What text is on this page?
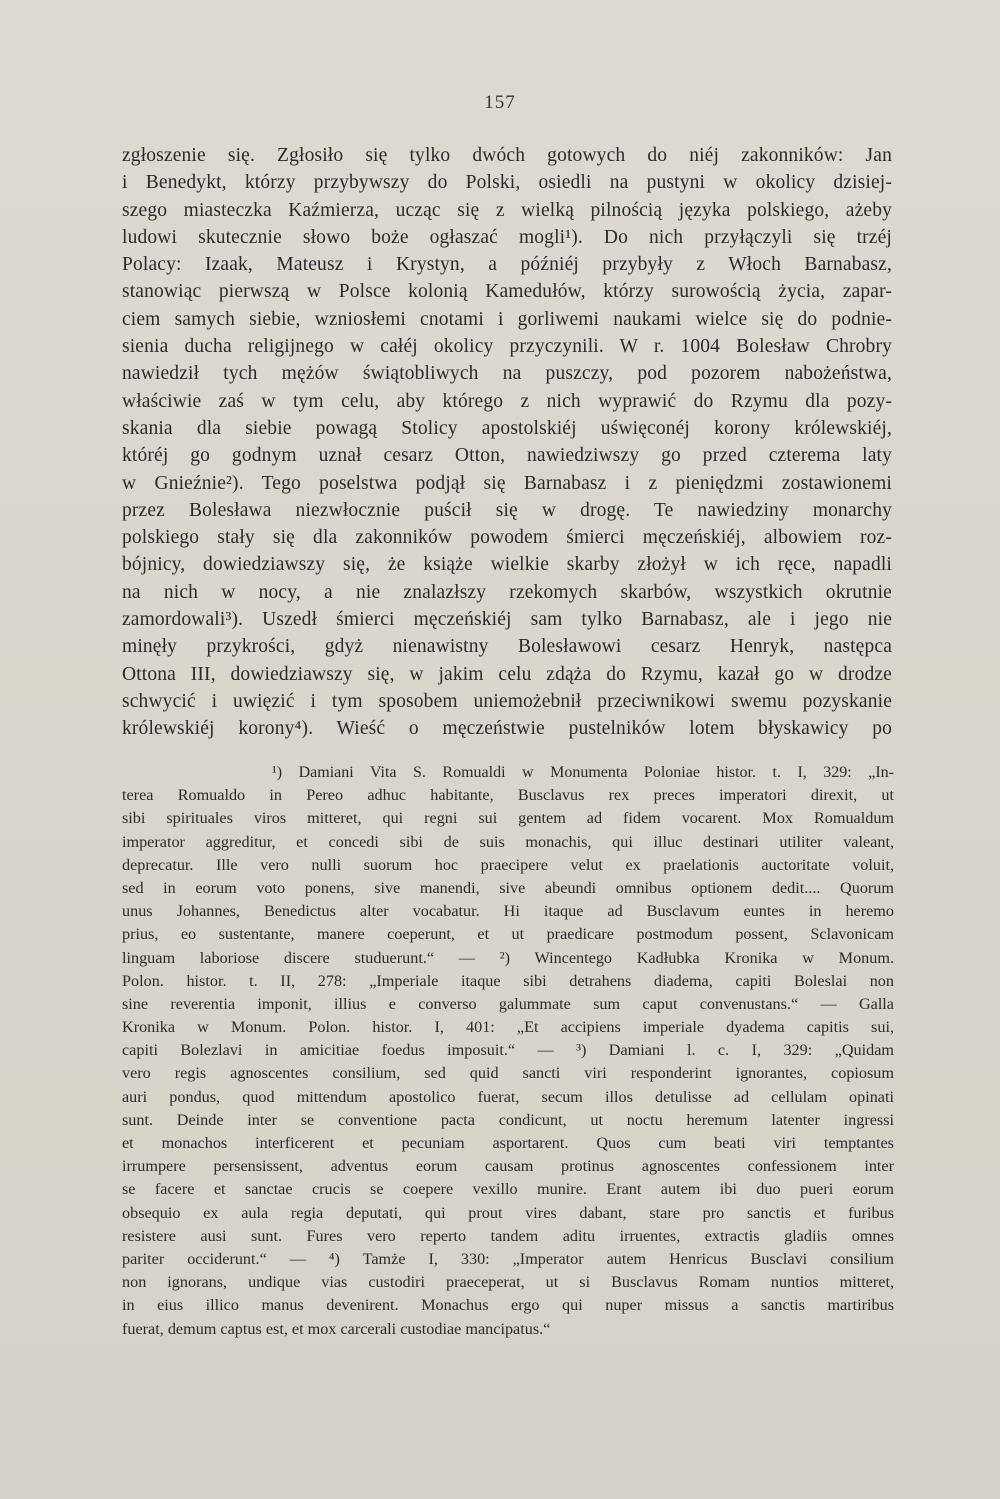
157
zgłoszenie się. Zgłosiło się tylko dwóch gotowych do niéj zakonników: Jan
i Benedykt, którzy przybywszy do Polski, osiedli na pustyni w okolicy dzisiej-
szego miasteczka Kaźmierza, ucząc się z wielką pilnością języka polskiego, ażeby
ludowi skutecznie słowo boże ogłaszać mogli¹). Do nich przyłączyli się trzéj
Polacy: Izaak, Mateusz i Krystyn, a późniéj przybyły z Włoch Barnabasz,
stanowiąc pierwszą w Polsce kolonią Kamedułów, którzy surowością życia, zapar-
ciem samych siebie, wzniosłemi cnotami i gorliwemi naukami wielce się do podnie-
sienia ducha religijnego w całéj okolicy przyczynili. W r. 1004 Bolesław Chrobry
nawiedził tych mężów świątobliwych na puszczy, pod pozorem nabożeństwa,
właściwie zaś w tym celu, aby którego z nich wyprawić do Rzymu dla pozy-
skania dla siebie powagą Stolicy apostolskiéj uświęconéj korony królewskiéj,
któréj go godnym uznał cesarz Otton, nawiedziwszy go przed czterema laty
w Gnieźnie²). Tego poselstwa podjął się Barnabasz i z pieniędzmi zostawionemi
przez Bolesława niezwłocznie puścił się w drogę. Te nawiedziny monarchy
polskiego stały się dla zakonników powodem śmierci męczeńskiéj, albowiem roz-
bójnicy, dowiedziawszy się, że książe wielkie skarby złożył w ich ręce, napadli
na nich w nocy, a nie znalazłszy rzekomych skarbów, wszystkich okrutnie
zamordowali³). Uszedł śmierci męczeńskiéj sam tylko Barnabasz, ale i jego nie
minęły przykrości, gdyż nienawistny Bolesławowi cesarz Henryk, następca
Ottona III, dowiedziawszy się, w jakim celu zdąża do Rzymu, kazał go w drodze
schwycić i uwięzić i tym sposobem uniemożebnił przeciwnikowi swemu pozyskanie
królewskiéj korony⁴). Wieść o męczeństwie pustelników lotem błyskawicy po
¹) Damiani Vita S. Romualdi w Monumenta Poloniae histor. t. I, 329: „In-
terea Romualdo in Pereo adhuc habitante, Busclavus rex preces imperatori direxit, ut
sibi spirituales viros mitteret, qui regni sui gentem ad fidem vocarent. Mox Romualdum
imperator aggreditur, et concedi sibi de suis monachis, qui illuc destinari utiliter valeant,
deprecatur. Ille vero nulli suorum hoc praecipere velut ex praelationis auctoritate voluit,
sed in eorum voto ponens, sive manendi, sive abeundi omnibus optionem dedit.... Quorum
unus Johannes, Benedictus alter vocabatur. Hi itaque ad Busclavum euntes in heremo
prius, eo sustentante, manere coeperunt, et ut praedicare postmodum possent, Sclavonicam
linguam laboriose discere studuerunt.“ — ²) Wincentego Kadłubka Kronika w Monum.
Polon. histor. t. II, 278: „Imperiale itaque sibi detrahens diadema, capiti Boleslai non
sine reverentia imponit, illius e converso galummate sum caput convenustans.“ — Galla
Kronika w Monum. Polon. histor. I, 401: „Et accipiens imperiale dyadema capitis sui,
capiti Bolezlavi in amicitiae foedus imposuit.“ — ³) Damiani l. c. I, 329: „Quidam
vero regis agnoscentes consilium, sed quid sancti viri responderint ignorantes, copiosum
auri pondus, quod mittendum apostolico fuerat, secum illos detulisse ad cellulam opinati
sunt. Deinde inter se conventione pacta condicunt, ut noctu heremum latenter ingressi
et monachos interficerent et pecuniam asportarent. Quos cum beati viri temptantes
irrumpere persensissent, adventus eorum causam protinus agnoscentes confessionem inter
se facere et sanctae crucis se coepere vexillo munire. Erant autem ibi duo pueri eorum
obsequio ex aula regia deputati, qui prout vires dabant, stare pro sanctis et furibus
resistere ausi sunt. Fures vero reperto tandem aditu irruentes, extractis gladiis omnes
pariter occiderunt.“ — ⁴) Tamże I, 330: „Imperator autem Henricus Busclavi consilium
non ignorans, undique vias custodiri praeceperat, ut si Busclavus Romam nuntios mitteret,
in eius illico manus devenirent. Monachus ergo qui nuper missus a sanctis martiribus
fuerat, demum captus est, et mox carcerali custodiae mancipatus.“
